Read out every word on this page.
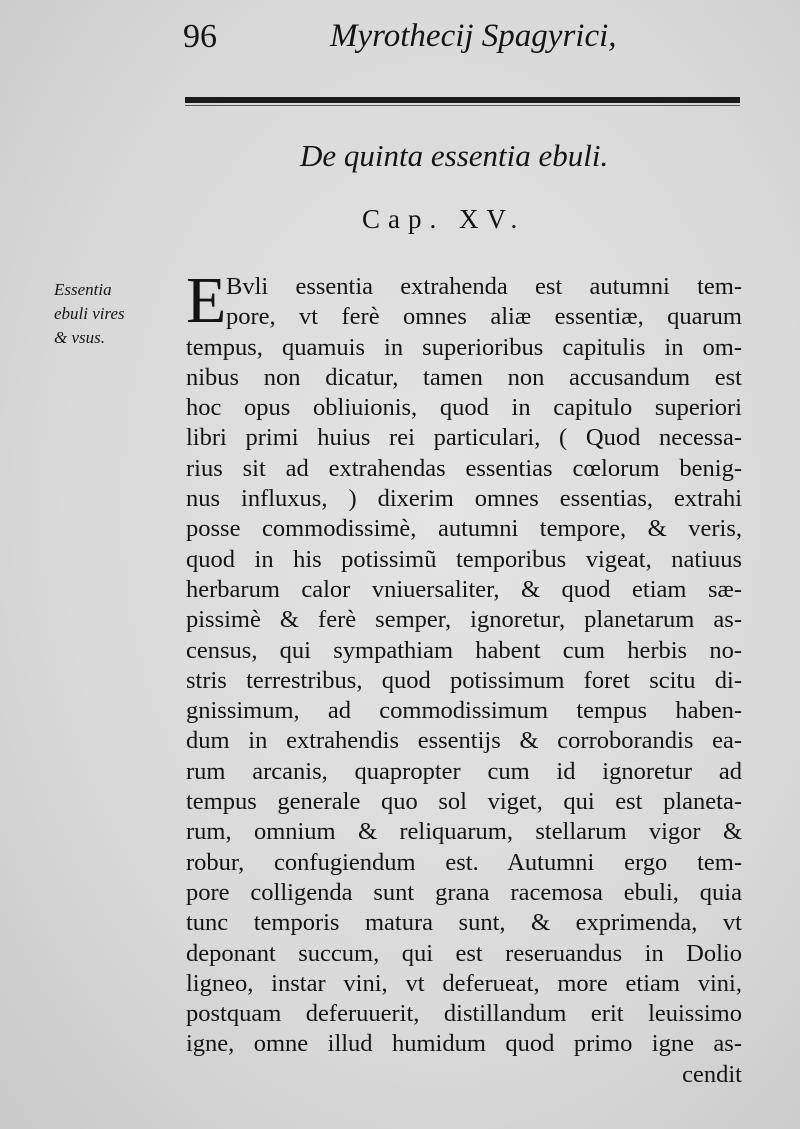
96	Myrothecij Spagyrici,
De quinta essentia ebuli.
Cap. XV.
Essentia
ebuli vires
& vsus.
E Bvli essentia extrahenda est autumni tem-
pore, vt ferè omnes aliæ essentiæ, quarum
tempus, quamuis in superioribus capitulis in om-
nibus non dicatur, tamen non accusandum est
hoc opus obliuionis, quod in capitulo superiori
libri primi huius rei particulari, ( Quod necessa-
rius sit ad extrahendas essentias cœlorum benig-
nus influxus, ) dixerim omnes essentias, extrahi
posse commodissimè, autumni tempore, & veris,
quod in his potissimũ temporibus vigeat, natiuus
herbarum calor vniuersaliter, & quod etiam sæ-
pissimè & ferè semper, ignoretur, planetarum as-
census, qui sympathiam habent cum herbis no-
stris terrestribus, quod potissimum foret scitu di-
gnissimum, ad commodissimum tempus haben-
dum in extrahendis essentijs & corroborandis ea-
rum arcanis, quapropter cum id ignoretur ad
tempus generale quo sol viget, qui est planeta-
rum, omnium & reliquarum, stellarum vigor &
robur, confugiendum est. Autumni ergo tem-
pore colligenda sunt grana racemosa ebuli, quia
tunc temporis matura sunt, & exprimenda, vt
deponant succum, qui est reseruandus in Dolio
ligneo, instar vini, vt deferueat, more etiam vini,
postquam deferuuerit, distillandum erit leuissimo
igne, omne illud humidum quod primo igne as-
cendit
